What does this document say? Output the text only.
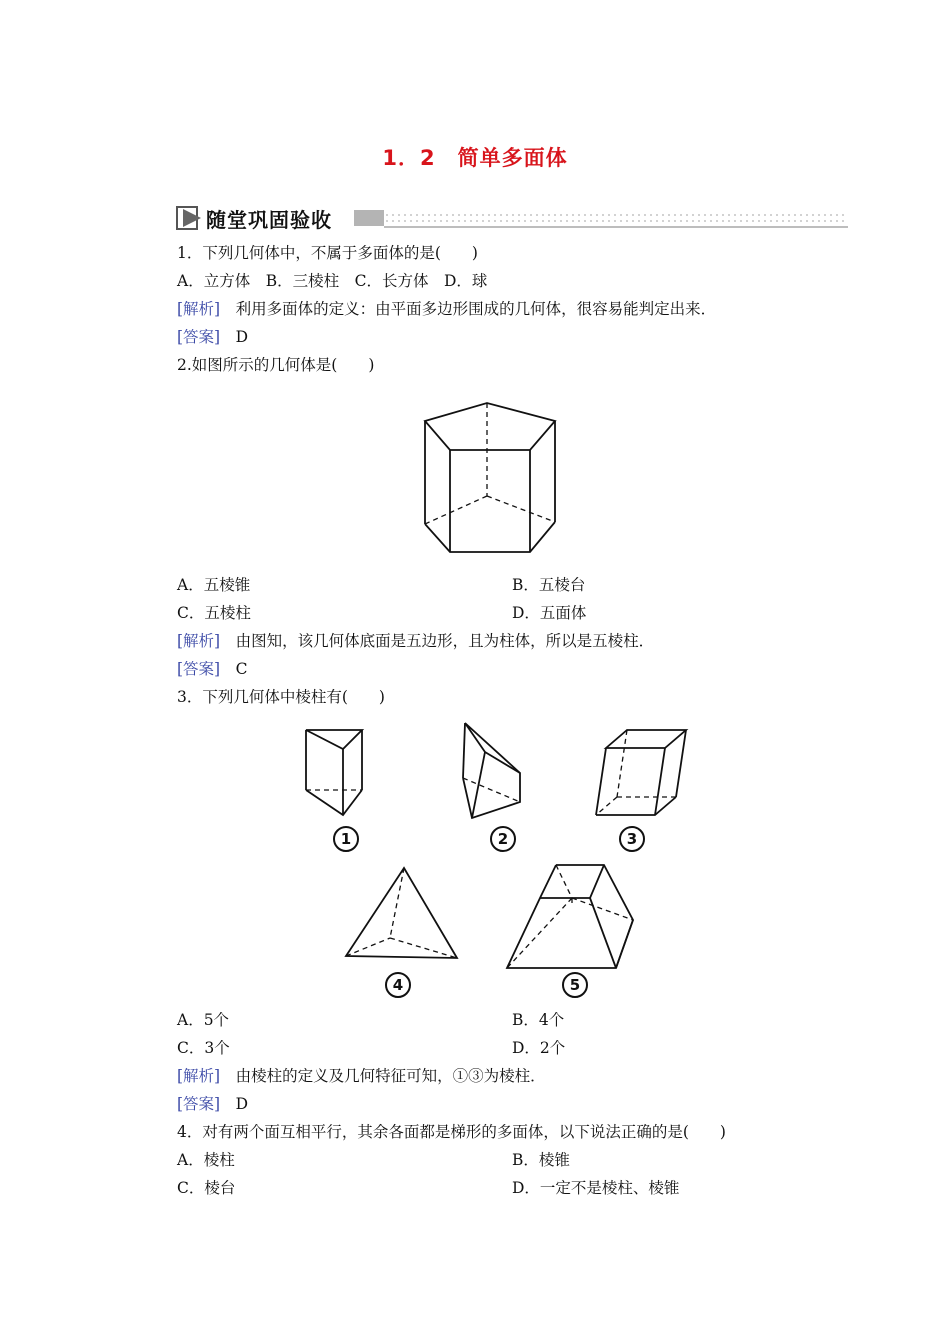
1．2 简单多面体
随堂巩固验收
1．下列几何体中，不属于多面体的是(　　)
A．立方体　B．三棱柱　C．长方体　D．球
[解析]　利用多面体的定义：由平面多边形围成的几何体，很容易能判定出来．
[答案]　D
2.如图所示的几何体是(　　)
A．五棱锥	B．五棱台
C．五棱柱	D．五面体
[解析]　由图知，该几何体底面是五边形，且为柱体，所以是五棱柱．
[答案]　C
3．下列几何体中棱柱有(　　)
1	2	3
4	5
A．5个	B．4个
C．3个	D．2个
[解析]　由棱柱的定义及几何特征可知，①③为棱柱．
[答案]　D
4．对有两个面互相平行，其余各面都是梯形的多面体，以下说法正确的是(　　)
A．棱柱	B．棱锥
C．棱台	D．一定不是棱柱、棱锥
